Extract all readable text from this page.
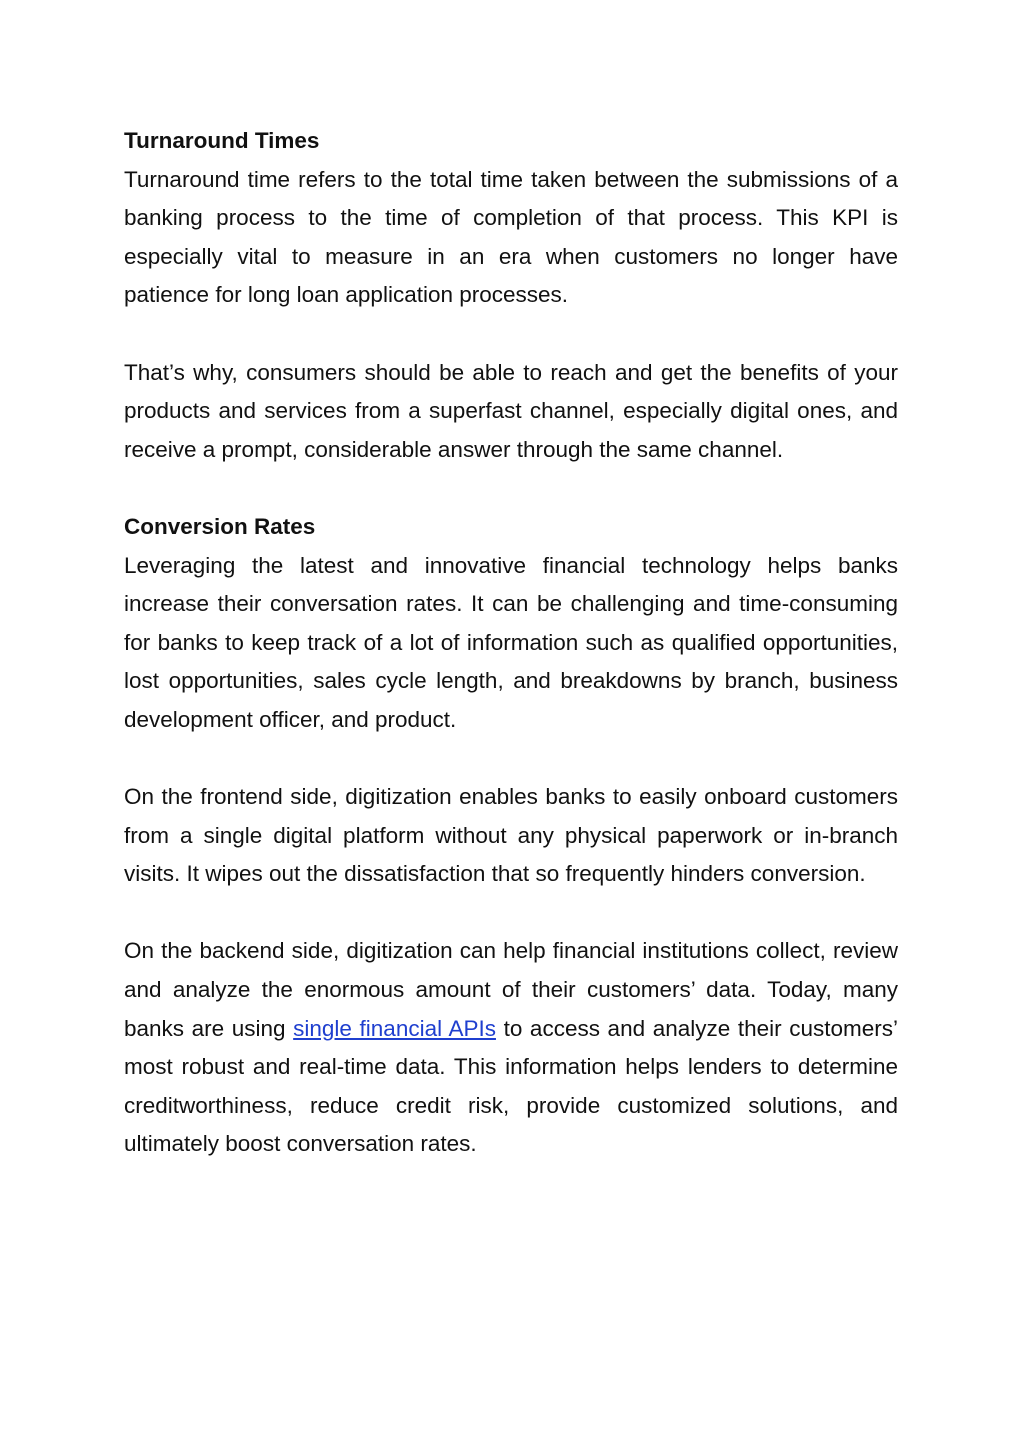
Turnaround Times

Turnaround time refers to the total time taken between the submissions of a banking process to the time of completion of that process. This KPI is especially vital to measure in an era when customers no longer have patience for long loan application processes.

That’s why, consumers should be able to reach and get the benefits of your products and services from a superfast channel, especially digital ones, and receive a prompt, considerable answer through the same channel.

Conversion Rates

Leveraging the latest and innovative financial technology helps banks increase their conversation rates. It can be challenging and time-consuming for banks to keep track of a lot of information such as qualified opportunities, lost opportunities, sales cycle length, and breakdowns by branch, business development officer, and product.

On the frontend side, digitization enables banks to easily onboard customers from a single digital platform without any physical paperwork or in-branch visits. It wipes out the dissatisfaction that so frequently hinders conversion.

On the backend side, digitization can help financial institutions collect, review and analyze the enormous amount of their customers’ data. Today, many banks are using single financial APIs to access and analyze their customers’ most robust and real-time data. This information helps lenders to determine creditworthiness, reduce credit risk, provide customized solutions, and ultimately boost conversation rates.
